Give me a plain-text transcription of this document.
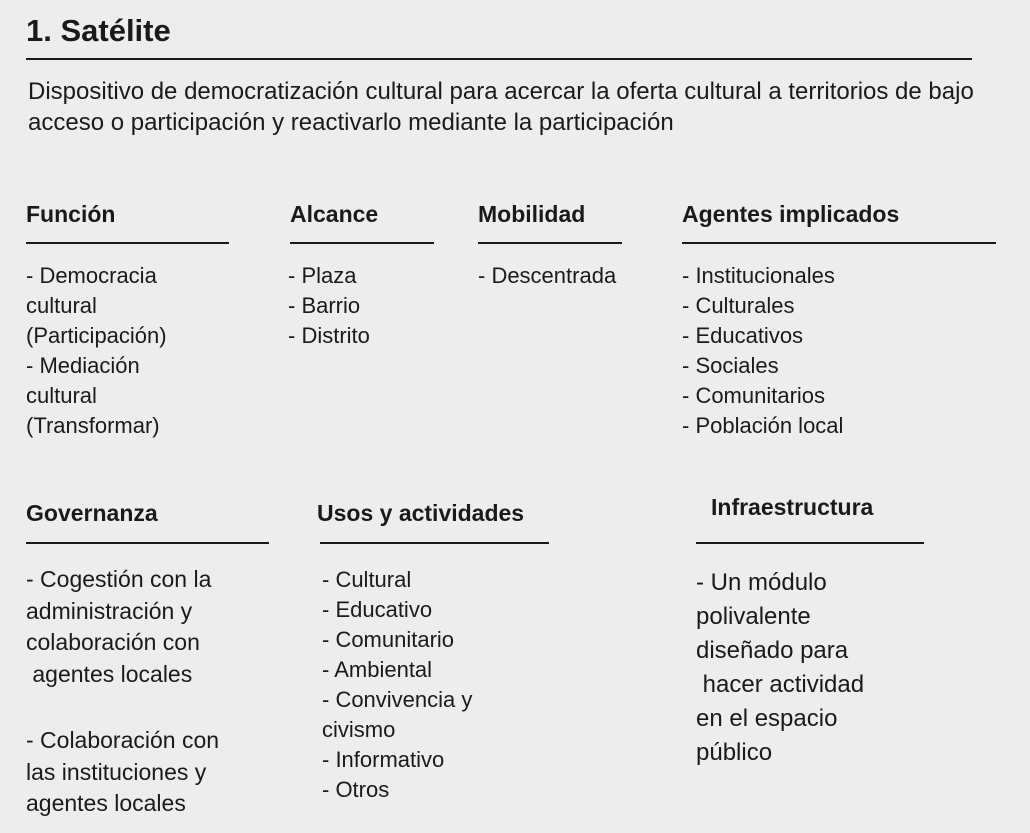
1. Satélite

Dispositivo de democratización cultural para acercar la oferta cultural a territorios de bajo acceso o participación y reactivarlo mediante la participación

Función
- Democracia
cultural
(Participación)
- Mediación
cultural
(Transformar)
Alcance
- Plaza
- Barrio
- Distrito
Mobilidad
- Descentrada
Agentes implicados
- Institucionales
- Culturales
- Educativos
- Sociales
- Comunitarios
- Población local
Governanza

- Cogestión con la
administración y
colaboración con
agentes locales

- Colaboración con
las instituciones y
agentes locales

Usos y actividades
- Cultural
- Educativo
- Comunitario
- Ambiental
- Convivencia y
civismo
- Informativo
- Otros
Infraestructura

- Un módulo
polivalente
diseñado para
hacer actividad
en el espacio
público
